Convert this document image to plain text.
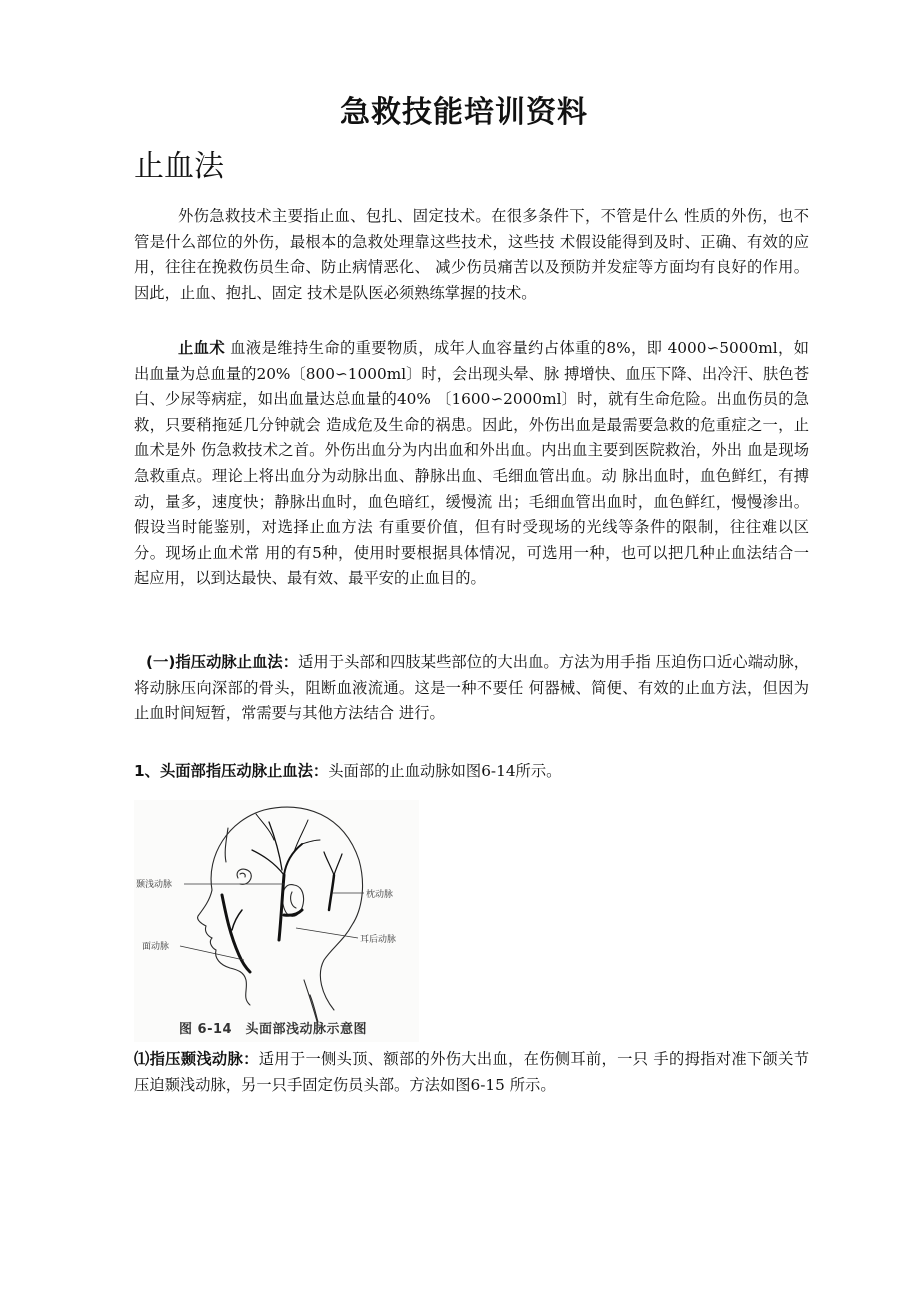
急救技能培训资料
止血法

外伤急救技术主要指止血、包扎、固定技术。在很多条件下，不管是什么 性质的外伤，也不管是什么部位的外伤，最根本的急救处理靠这些技术，这些技 术假设能得到及时、正确、有效的应用，往往在挽救伤员生命、防止病情恶化、 减少伤员痛苦以及预防并发症等方面均有良好的作用。因此，止血、抱扎、固定 技术是队医必须熟练掌握的技术。

止血术 血液是维持生命的重要物质，成年人血容量约占体重的8%，即 4000∽5000ml，如出血量为总血量的20%〔800∽1000ml〕时，会出现头晕、脉 搏增快、血压下降、出冷汗、肤色苍白、少尿等病症，如出血量达总血量的40% 〔1600∽2000ml〕时，就有生命危险。出血伤员的急救，只要稍拖延几分钟就会 造成危及生命的祸患。因此，外伤出血是最需要急救的危重症之一，止血术是外 伤急救技术之首。外伤出血分为内出血和外出血。内出血主要到医院救治，外出 血是现场急救重点。理论上将出血分为动脉出血、静脉出血、毛细血管出血。动 脉出血时，血色鲜红，有搏动，量多，速度快；静脉出血时，血色暗红，缓慢流 出；毛细血管出血时，血色鲜红，慢慢渗出。假设当时能鉴别，对选择止血方法 有重要价值，但有时受现场的光线等条件的限制，往往难以区分。现场止血术常 用的有5种，使用时要根据具体情况，可选用一种，也可以把几种止血法结合一 起应用，以到达最快、最有效、最平安的止血目的。

(一)指压动脉止血法：适用于头部和四肢某些部位的大出血。方法为用手指 压迫伤口近心端动脉，将动脉压向深部的骨头，阻断血液流通。这是一种不要任 何器械、简便、有效的止血方法，但因为止血时间短暂，常需要与其他方法结合 进行。

1、头面部指压动脉止血法：头面部的止血动脉如图6-14所示。

颞浅动脉
面动脉
枕动脉
耳后动脉
图 6-14　头面部浅动脉示意图

⑴指压颞浅动脉：适用于一侧头顶、额部的外伤大出血，在伤侧耳前，一只 手的拇指对准下颌关节压迫颞浅动脉，另一只手固定伤员头部。方法如图6-15 所示。
